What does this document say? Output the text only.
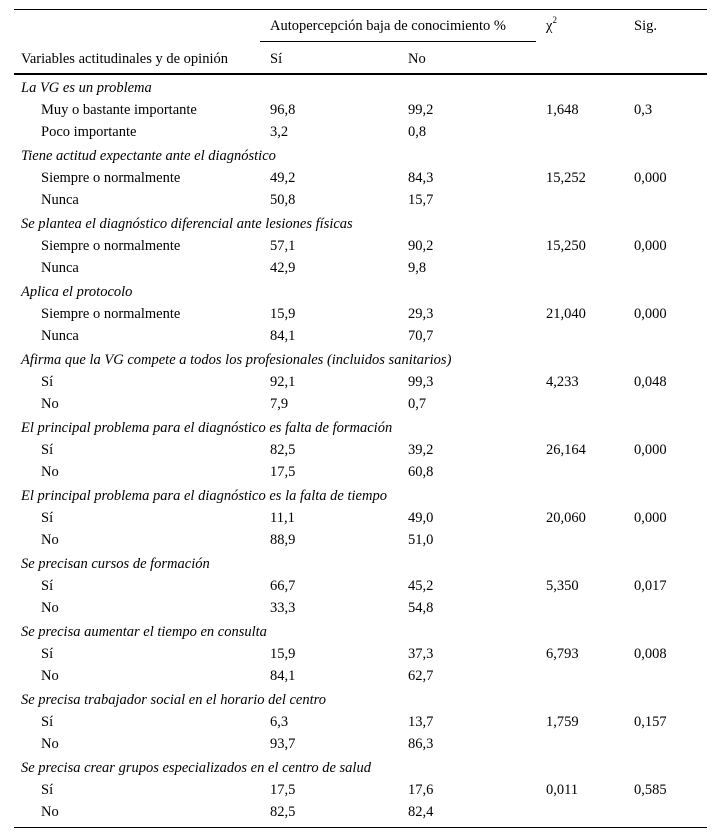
Autopercepción baja de conocimiento %	$\chi^2$	Sig.
Variables actitudinales y de opinión	Sí	No
La VG es un problema
Muy o bastante importante	96,8	99,2	1,648	0,3
Poco importante	3,2	0,8
Tiene actitud expectante ante el diagnóstico
Siempre o normalmente	49,2	84,3	15,252	0,000
Nunca	50,8	15,7
Se plantea el diagnóstico diferencial ante lesiones físicas
Siempre o normalmente	57,1	90,2	15,250	0,000
Nunca	42,9	9,8
Aplica el protocolo
Siempre o normalmente	15,9	29,3	21,040	0,000
Nunca	84,1	70,7
Afirma que la VG compete a todos los profesionales (incluidos sanitarios)
Sí	92,1	99,3	4,233	0,048
No	7,9	0,7
El principal problema para el diagnóstico es falta de formación
Sí	82,5	39,2	26,164	0,000
No	17,5	60,8
El principal problema para el diagnóstico es la falta de tiempo
Sí	11,1	49,0	20,060	0,000
No	88,9	51,0
Se precisan cursos de formación
Sí	66,7	45,2	5,350	0,017
No	33,3	54,8
Se precisa aumentar el tiempo en consulta
Sí	15,9	37,3	6,793	0,008
No	84,1	62,7
Se precisa trabajador social en el horario del centro
Sí	6,3	13,7	1,759	0,157
No	93,7	86,3
Se precisa crear grupos especializados en el centro de salud
Sí	17,5	17,6	0,011	0,585
No	82,5	82,4
